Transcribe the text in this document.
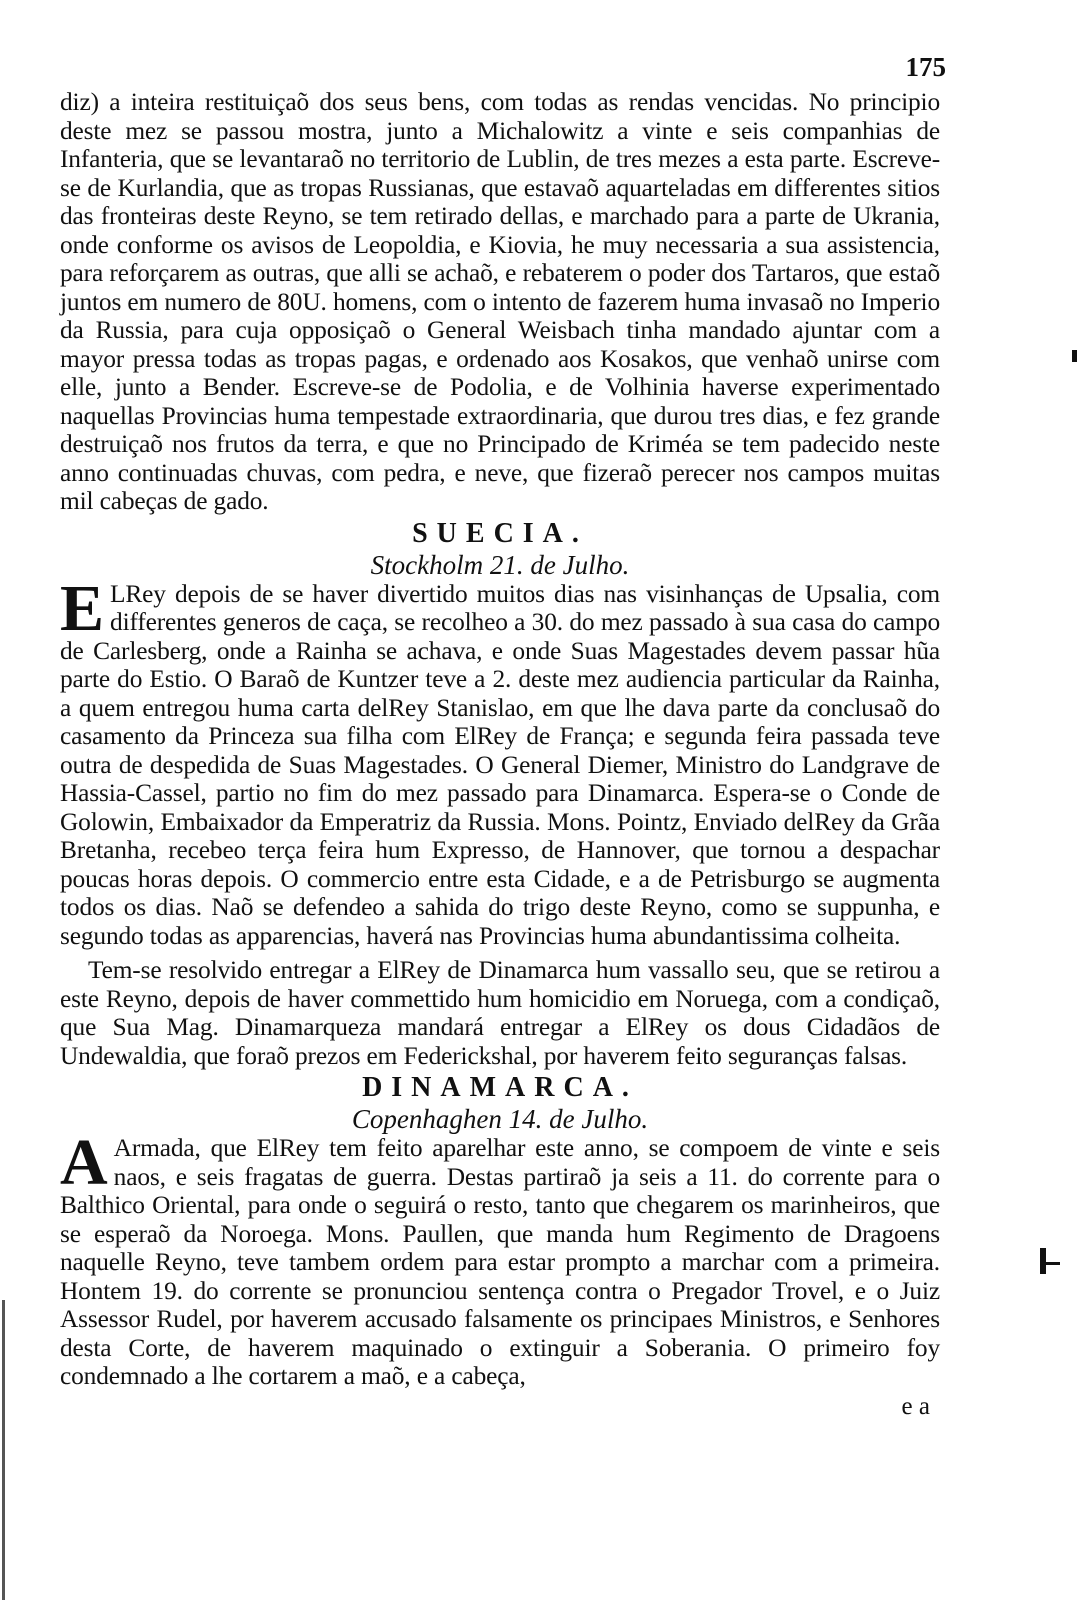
175

diz) a inteira restituiçaõ dos seus bens, com todas as rendas vencidas. No principio deste mez se passou mostra, junto a Michalowitz a vinte e seis companhias de Infanteria, que se levantaraõ no territorio de Lublin, de tres mezes a esta parte. Escreve-se de Kurlandia, que as tropas Russianas, que estavaõ aquarteladas em differentes sitios das fronteiras deste Reyno, se tem retirado dellas, e marchado para a parte de Ukrania, onde conforme os avisos de Leopoldia, e Kiovia, he muy necessaria a sua assistencia, para reforçarem as outras, que alli se achaõ, e rebaterem o poder dos Tartaros, que estaõ juntos em numero de 80U. homens, com o intento de fazerem huma invasaõ no Imperio da Russia, para cuja opposiçaõ o General Weisbach tinha mandado ajuntar com a mayor pressa todas as tropas pagas, e ordenado aos Kosakos, que venhaõ unirse com elle, junto a Bender. Escreve-se de Podolia, e de Volhinia haverse experimentado naquellas Provincias huma tempestade extraordinaria, que durou tres dias, e fez grande destruiçaõ nos frutos da terra, e que no Principado de Kriméa se tem padecido neste anno continuadas chuvas, com pedra, e neve, que fizeraõ perecer nos campos muitas mil cabeças de gado.

SUECIA.

Stockholm 21. de Julho.

E LRey depois de se haver divertido muitos dias nas visinhanças de Upsalia, com differentes generos de caça, se recolheo a 30. do mez passado à sua casa do campo de Carlesberg, onde a Rainha se achava, e onde Suas Magestades devem passar hũa parte do Estio. O Baraõ de Kuntzer teve a 2. deste mez audiencia particular da Rainha, a quem entregou huma carta delRey Stanislao, em que lhe dava parte da conclusaõ do casamento da Princeza sua filha com ElRey de França; e segunda feira passada teve outra de despedida de Suas Magestades. O General Diemer, Ministro do Landgrave de Hassia-Cassel, partio no fim do mez passado para Dinamarca. Espera-se o Conde de Golowin, Embaixador da Emperatriz da Russia. Mons. Pointz, Enviado delRey da Grãa Bretanha, recebeo terça feira hum Expresso, de Hannover, que tornou a despachar poucas horas depois. O commercio entre esta Cidade, e a de Petrisburgo se augmenta todos os dias. Naõ se defendeo a sahida do trigo deste Reyno, como se suppunha, e segundo todas as apparencias, haverá nas Provincias huma abundantissima colheita.

Tem-se resolvido entregar a ElRey de Dinamarca hum vassallo seu, que se retirou a este Reyno, depois de haver commettido hum homicidio em Noruega, com a condiçaõ, que Sua Mag. Dinamarqueza mandará entregar a ElRey os dous Cidadãos de Undewaldia, que foraõ prezos em Federickshal, por haverem feito seguranças falsas.

DINAMARCA.

Copenhaghen 14. de Julho.

A Armada, que ElRey tem feito aparelhar este anno, se compoem de vinte e seis naos, e seis fragatas de guerra. Destas partiraõ ja seis a 11. do corrente para o Balthico Oriental, para onde o seguirá o resto, tanto que chegarem os marinheiros, que se esperaõ da Noroega. Mons. Paullen, que manda hum Regimento de Dragoens naquelle Reyno, teve tambem ordem para estar prompto a marchar com a primeira. Hontem 19. do corrente se pronunciou sentença contra o Pregador Trovel, e o Juiz Assessor Rudel, por haverem accusado falsamente os principaes Ministros, e Senhores desta Corte, de haverem maquinado o extinguir a Soberania. O primeiro foy condemnado a lhe cortarem a maõ, e a cabeça,

e a
